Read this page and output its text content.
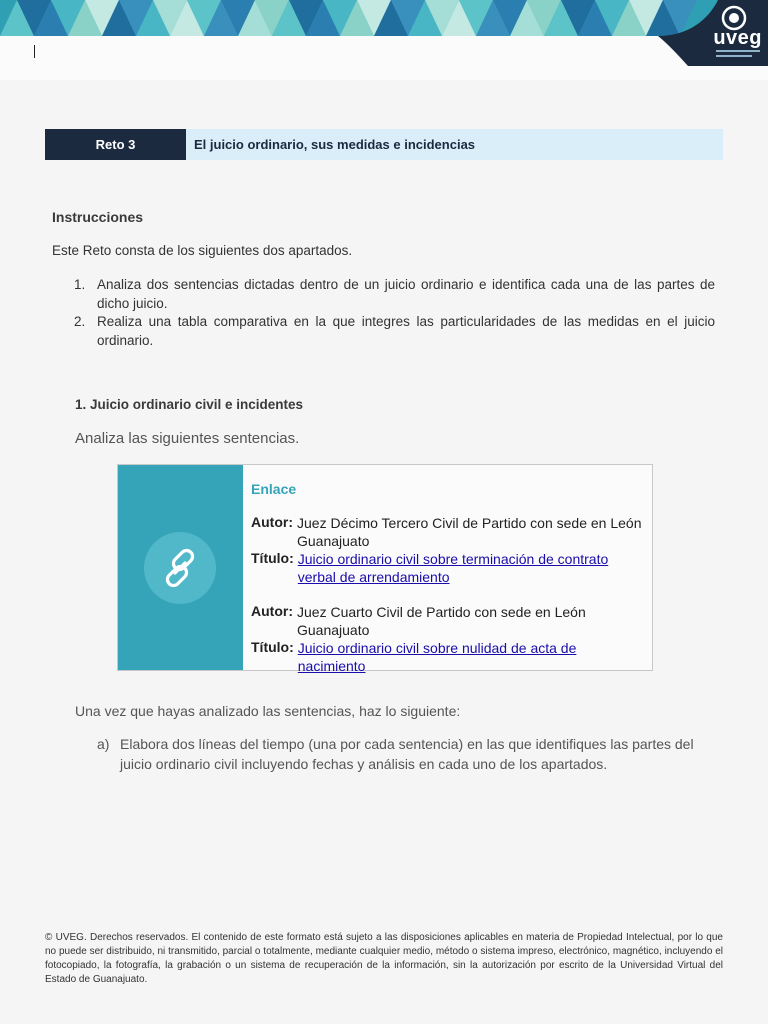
uveg
Reto 3	El juicio ordinario, sus medidas e incidencias
Instrucciones
Este Reto consta de los siguientes dos apartados.
1. Analiza dos sentencias dictadas dentro de un juicio ordinario e identifica cada una de las partes de dicho juicio.
2. Realiza una tabla comparativa en la que integres las particularidades de las medidas en el juicio ordinario.
1. Juicio ordinario civil e incidentes
Analiza las siguientes sentencias.
Enlace
Autor: Juez Décimo Tercero Civil de Partido con sede en León Guanajuato
Título: Juicio ordinario civil sobre terminación de contrato verbal de arrendamiento
Autor: Juez Cuarto Civil de Partido con sede en León Guanajuato
Título: Juicio ordinario civil sobre nulidad de acta de nacimiento
Una vez que hayas analizado las sentencias, haz lo siguiente:
a) Elabora dos líneas del tiempo (una por cada sentencia) en las que identifiques las partes del juicio ordinario civil incluyendo fechas y análisis en cada uno de los apartados.
© UVEG. Derechos reservados. El contenido de este formato está sujeto a las disposiciones aplicables en materia de Propiedad Intelectual, por lo que no puede ser distribuido, ni transmitido, parcial o totalmente, mediante cualquier medio, método o sistema impreso, electrónico, magnético, incluyendo el fotocopiado, la fotografía, la grabación o un sistema de recuperación de la información, sin la autorización por escrito de la Universidad Virtual del Estado de Guanajuato.
